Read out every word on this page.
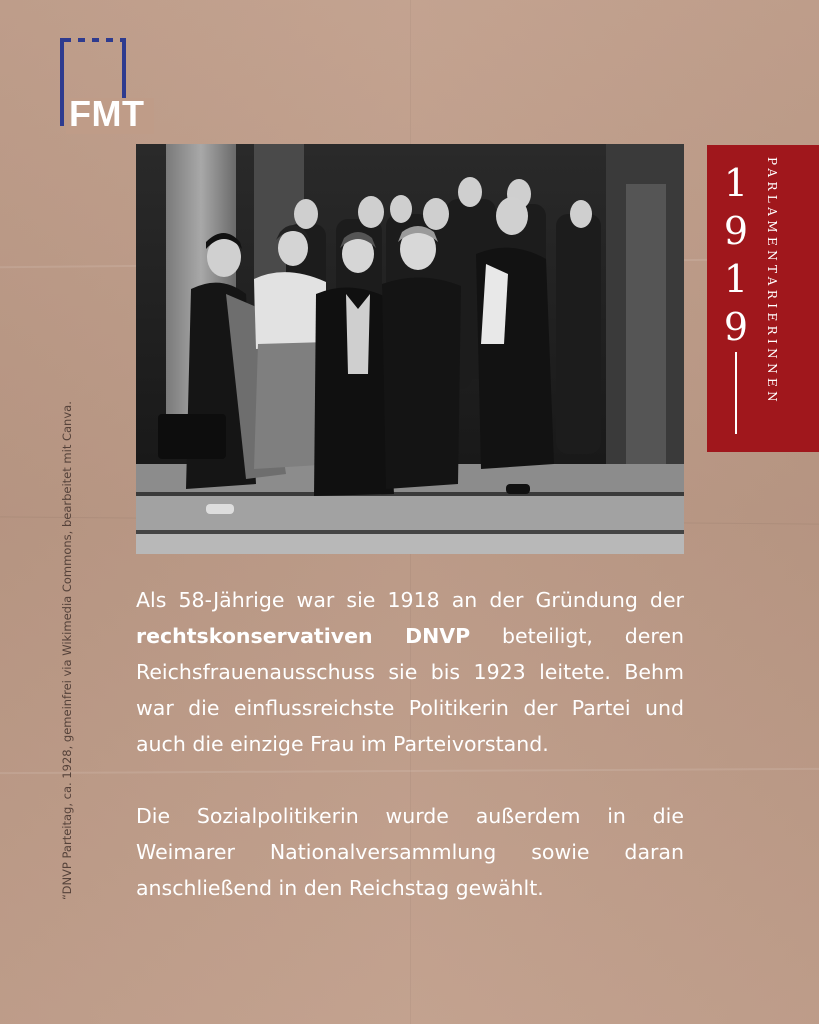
FMT
1
9
1
9 PARLAMENTARIERINNEN
“DNVP Parteitag, ca. 1928, gemeinfrei via Wikimedia Commons, bearbeitet mit Canva.	Als 58-Jährige war sie 1918 an der Gründung der rechtskonservativen DNVP beteiligt, deren Reichsfrauenausschuss sie bis 1923 leitete. Behm war die einflussreichste Politikerin der Partei und auch die einzige Frau im Parteivorstand.

Die Sozialpolitikerin wurde außerdem in die Weimarer Nationalversammlung sowie daran anschließend in den Reichstag gewählt.
